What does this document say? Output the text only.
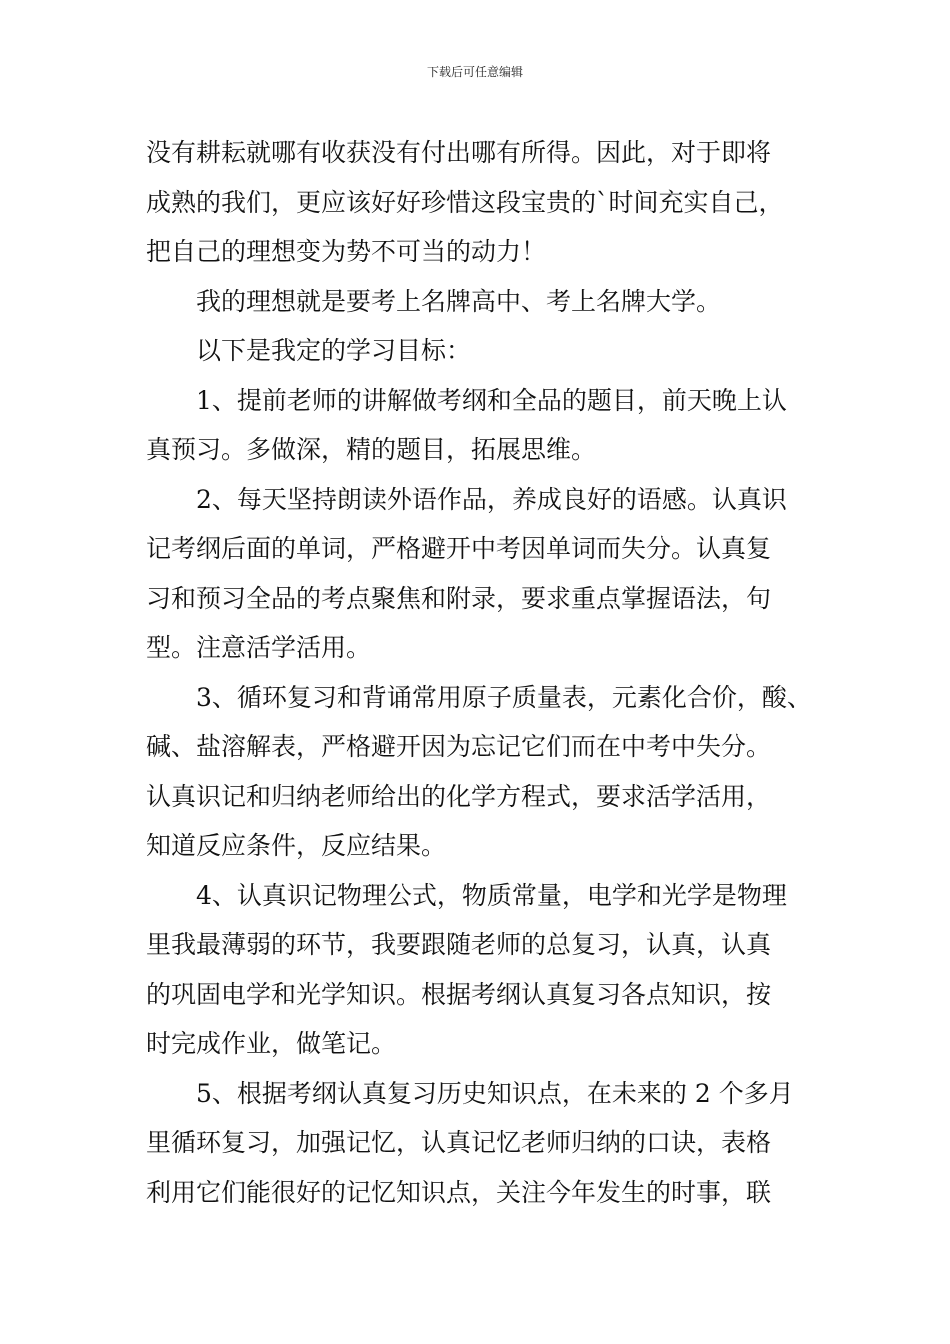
下载后可任意编辑
没有耕耘就哪有收获没有付出哪有所得。因此，对于即将
成熟的我们，更应该好好珍惜这段宝贵的`时间充实自己，
把自己的理想变为势不可当的动力！
我的理想就是要考上名牌高中、考上名牌大学。
以下是我定的学习目标：
1、提前老师的讲解做考纲和全品的题目，前天晚上认
真预习。多做深，精的题目，拓展思维。
2、每天坚持朗读外语作品，养成良好的语感。认真识
记考纲后面的单词，严格避开中考因单词而失分。认真复
习和预习全品的考点聚焦和附录，要求重点掌握语法，句
型。注意活学活用。
3、循环复习和背诵常用原子质量表，元素化合价，酸、
碱、盐溶解表，严格避开因为忘记它们而在中考中失分。
认真识记和归纳老师给出的化学方程式，要求活学活用，
知道反应条件，反应结果。
4、认真识记物理公式，物质常量，电学和光学是物理
里我最薄弱的环节，我要跟随老师的总复习，认真，认真
的巩固电学和光学知识。根据考纲认真复习各点知识，按
时完成作业，做笔记。
5、根据考纲认真复习历史知识点，在未来的 2 个多月
里循环复习，加强记忆，认真记忆老师归纳的口诀，表格
利用它们能很好的记忆知识点，关注今年发生的时事，联
